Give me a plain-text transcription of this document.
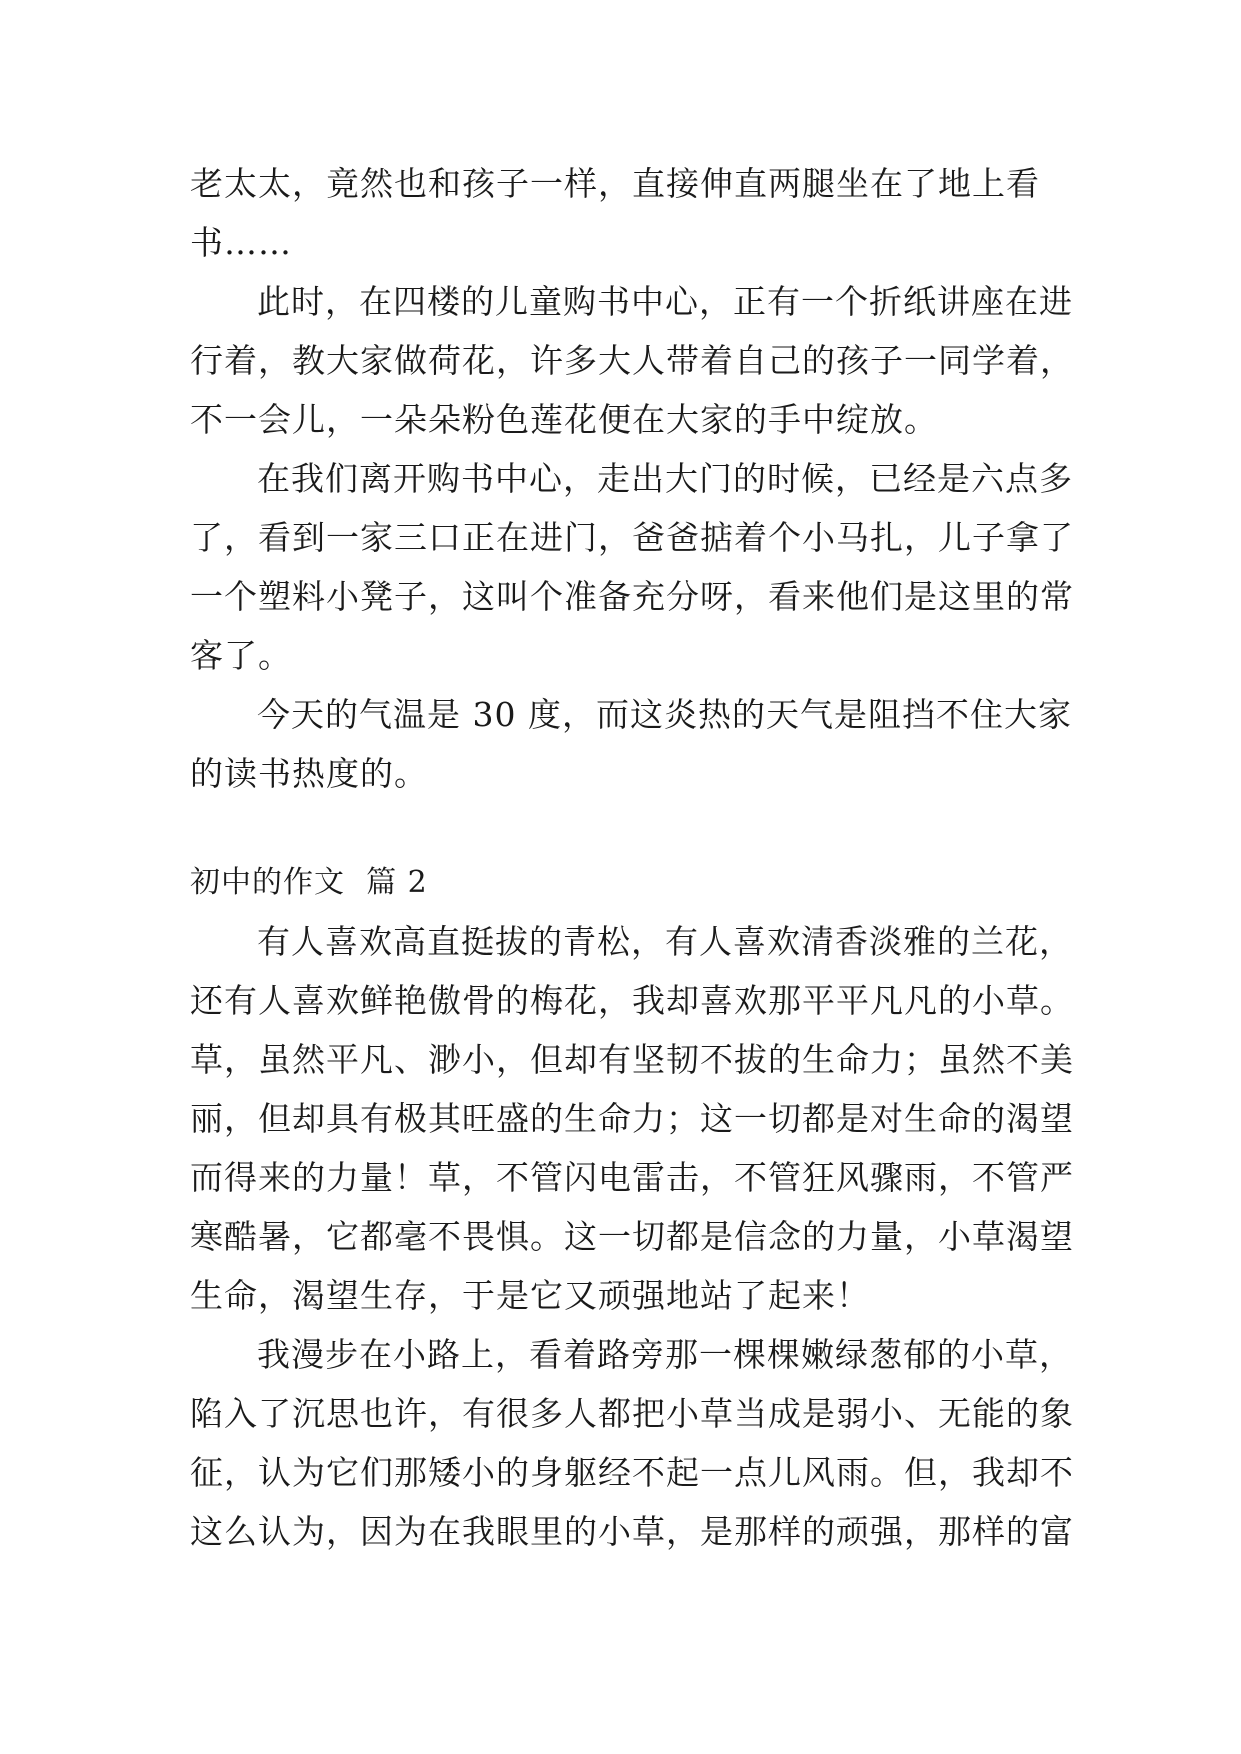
老太太，竟然也和孩子一样，直接伸直两腿坐在了地上看
书……
此时，在四楼的儿童购书中心，正有一个折纸讲座在进
行着，教大家做荷花，许多大人带着自己的孩子一同学着，
不一会儿，一朵朵粉色莲花便在大家的手中绽放。
在我们离开购书中心，走出大门的时候，已经是六点多
了，看到一家三口正在进门，爸爸掂着个小马扎，儿子拿了
一个塑料小凳子，这叫个准备充分呀，看来他们是这里的常
客了。
今天的气温是 30 度，而这炎热的天气是阻挡不住大家
的读书热度的。
初中的作文  篇 2
有人喜欢高直挺拔的青松，有人喜欢清香淡雅的兰花，
还有人喜欢鲜艳傲骨的梅花，我却喜欢那平平凡凡的小草。
草，虽然平凡、渺小，但却有坚韧不拔的生命力；虽然不美
丽，但却具有极其旺盛的生命力；这一切都是对生命的渴望
而得来的力量！草，不管闪电雷击，不管狂风骤雨，不管严
寒酷暑，它都毫不畏惧。这一切都是信念的力量，小草渴望
生命，渴望生存，于是它又顽强地站了起来！
我漫步在小路上，看着路旁那一棵棵嫩绿葱郁的小草，
陷入了沉思也许，有很多人都把小草当成是弱小、无能的象
征，认为它们那矮小的身躯经不起一点儿风雨。但，我却不
这么认为，因为在我眼里的小草，是那样的顽强，那样的富
